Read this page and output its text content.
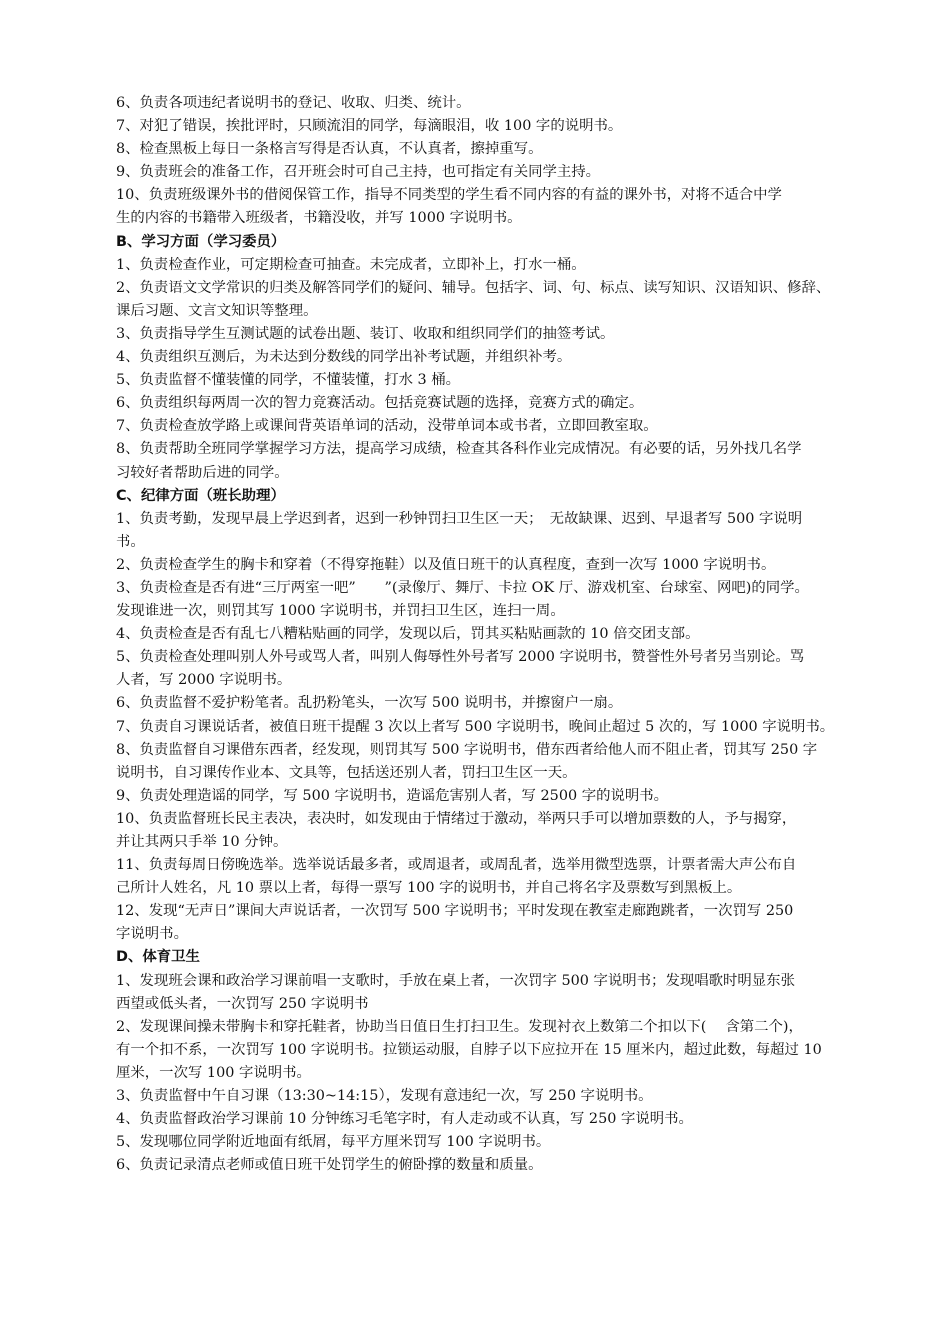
6、负责各项违纪者说明书的登记、收取、归类、统计。
7、对犯了错误，挨批评时，只顾流泪的同学，每滴眼泪，收 100 字的说明书。
8、检查黑板上每日一条格言写得是否认真，不认真者，擦掉重写。
9、负责班会的准备工作，召开班会时可自己主持，也可指定有关同学主持。
10、负责班级课外书的借阅保管工作，指导不同类型的学生看不同内容的有益的课外书，对将不适合中学
生的内容的书籍带入班级者，书籍没收，并写 1000 字说明书。
B、学习方面（学习委员）
1、负责检查作业，可定期检查可抽查。未完成者，立即补上，打水一桶。
2、负责语文文学常识的归类及解答同学们的疑问、辅导。包括字、词、句、标点、读写知识、汉语知识、修辞、
课后习题、文言文知识等整理。
3、负责指导学生互测试题的试卷出题、装订、收取和组织同学们的抽签考试。
4、负责组织互测后，为未达到分数线的同学出补考试题，并组织补考。
5、负责监督不懂装懂的同学，不懂装懂，打水 3 桶。
6、负责组织每两周一次的智力竞赛活动。包括竞赛试题的选择，竞赛方式的确定。
7、负责检查放学路上或课间背英语单词的活动，没带单词本或书者，立即回教室取。
8、负责帮助全班同学掌握学习方法，提高学习成绩，检查其各科作业完成情况。有必要的话，另外找几名学
习较好者帮助后进的同学。
C、纪律方面（班长助理）
1、负责考勤，发现早晨上学迟到者，迟到一秒钟罚扫卫生区一天；　无故缺课、迟到、早退者写 500 字说明
书。
2、负责检查学生的胸卡和穿着（不得穿拖鞋）以及值日班干的认真程度，查到一次写 1000 字说明书。
3、负责检查是否有进“三厅两室一吧”　　”(录像厅、舞厅、卡拉 OK 厅、游戏机室、台球室、网吧)的同学。
发现谁进一次，则罚其写 1000 字说明书，并罚扫卫生区，连扫一周。
4、负责检查是否有乱七八糟粘贴画的同学，发现以后，罚其买粘贴画款的 10 倍交团支部。
5、负责检查处理叫别人外号或骂人者，叫别人侮辱性外号者写 2000 字说明书，赞誉性外号者另当别论。骂
人者，写 2000 字说明书。
6、负责监督不爱护粉笔者。乱扔粉笔头，一次写 500 说明书，并擦窗户一扇。
7、负责自习课说话者，被值日班干提醒 3 次以上者写 500 字说明书，晚间止超过 5 次的，写 1000 字说明书。
8、负责监督自习课借东西者，经发现，则罚其写 500 字说明书，借东西者给他人而不阻止者，罚其写 250 字
说明书，自习课传作业本、文具等，包括送还别人者，罚扫卫生区一天。
9、负责处理造谣的同学，写 500 字说明书，造谣危害别人者，写 2500 字的说明书。
10、负责监督班长民主表决，表决时，如发现由于情绪过于激动，举两只手可以增加票数的人，予与揭穿，
并让其两只手举 10 分钟。
11、负责每周日傍晚选举。选举说话最多者，或周退者，或周乱者，选举用微型选票，计票者需大声公布自
己所计人姓名，凡 10 票以上者，每得一票写 100 字的说明书，并自己将名字及票数写到黑板上。
12、发现“无声日”课间大声说话者，一次罚写 500 字说明书；平时发现在教室走廊跑跳者，一次罚写 250
字说明书。
D、体育卫生
1、发现班会课和政治学习课前唱一支歌时，手放在桌上者，一次罚字 500 字说明书；发现唱歌时明显东张
西望或低头者，一次罚写 250 字说明书
2、发现课间操未带胸卡和穿托鞋者，协助当日值日生打扫卫生。发现衬衣上数第二个扣以下(　 含第二个)，
有一个扣不系，一次罚写 100 字说明书。拉锁运动服，自脖子以下应拉开在 15 厘米内，超过此数，每超过 10
厘米，一次写 100 字说明书。
3、负责监督中午自习课（13:30~14:15），发现有意违纪一次，写 250 字说明书。
4、负责监督政治学习课前 10 分钟练习毛笔字时，有人走动或不认真，写 250 字说明书。
5、发现哪位同学附近地面有纸屑，每平方厘米罚写 100 字说明书。
6、负责记录清点老师或值日班干处罚学生的俯卧撑的数量和质量。
